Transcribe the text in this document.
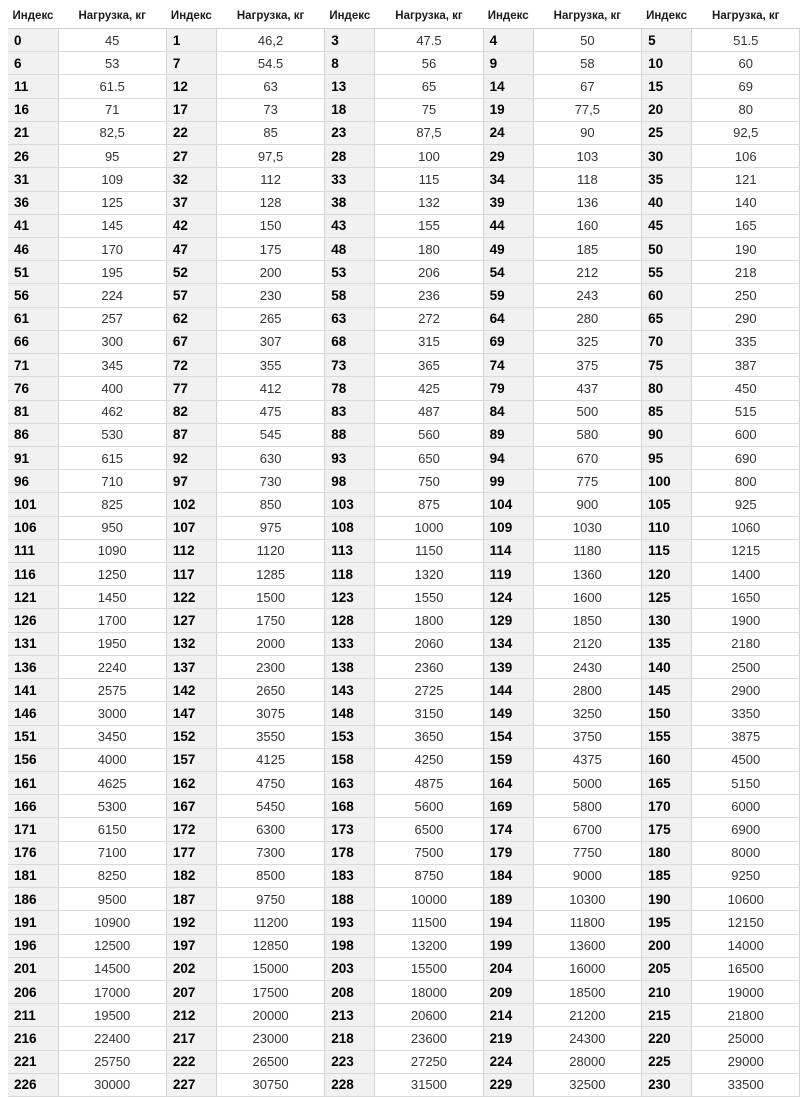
Индекс	Нагрузка, кг	Индекс	Нагрузка, кг	Индекс	Нагрузка, кг	Индекс	Нагрузка, кг	Индекс	Нагрузка, кг
0	45	1	46,2	3	47.5	4	50	5	51.5
6	53	7	54.5	8	56	9	58	10	60
11	61.5	12	63	13	65	14	67	15	69
16	71	17	73	18	75	19	77,5	20	80
21	82,5	22	85	23	87,5	24	90	25	92,5
26	95	27	97,5	28	100	29	103	30	106
31	109	32	112	33	115	34	118	35	121
36	125	37	128	38	132	39	136	40	140
41	145	42	150	43	155	44	160	45	165
46	170	47	175	48	180	49	185	50	190
51	195	52	200	53	206	54	212	55	218
56	224	57	230	58	236	59	243	60	250
61	257	62	265	63	272	64	280	65	290
66	300	67	307	68	315	69	325	70	335
71	345	72	355	73	365	74	375	75	387
76	400	77	412	78	425	79	437	80	450
81	462	82	475	83	487	84	500	85	515
86	530	87	545	88	560	89	580	90	600
91	615	92	630	93	650	94	670	95	690
96	710	97	730	98	750	99	775	100	800
101	825	102	850	103	875	104	900	105	925
106	950	107	975	108	1000	109	1030	110	1060
111	1090	112	1120	113	1150	114	1180	115	1215
116	1250	117	1285	118	1320	119	1360	120	1400
121	1450	122	1500	123	1550	124	1600	125	1650
126	1700	127	1750	128	1800	129	1850	130	1900
131	1950	132	2000	133	2060	134	2120	135	2180
136	2240	137	2300	138	2360	139	2430	140	2500
141	2575	142	2650	143	2725	144	2800	145	2900
146	3000	147	3075	148	3150	149	3250	150	3350
151	3450	152	3550	153	3650	154	3750	155	3875
156	4000	157	4125	158	4250	159	4375	160	4500
161	4625	162	4750	163	4875	164	5000	165	5150
166	5300	167	5450	168	5600	169	5800	170	6000
171	6150	172	6300	173	6500	174	6700	175	6900
176	7100	177	7300	178	7500	179	7750	180	8000
181	8250	182	8500	183	8750	184	9000	185	9250
186	9500	187	9750	188	10000	189	10300	190	10600
191	10900	192	11200	193	11500	194	11800	195	12150
196	12500	197	12850	198	13200	199	13600	200	14000
201	14500	202	15000	203	15500	204	16000	205	16500
206	17000	207	17500	208	18000	209	18500	210	19000
211	19500	212	20000	213	20600	214	21200	215	21800
216	22400	217	23000	218	23600	219	24300	220	25000
221	25750	222	26500	223	27250	224	28000	225	29000
226	30000	227	30750	228	31500	229	32500	230	33500
